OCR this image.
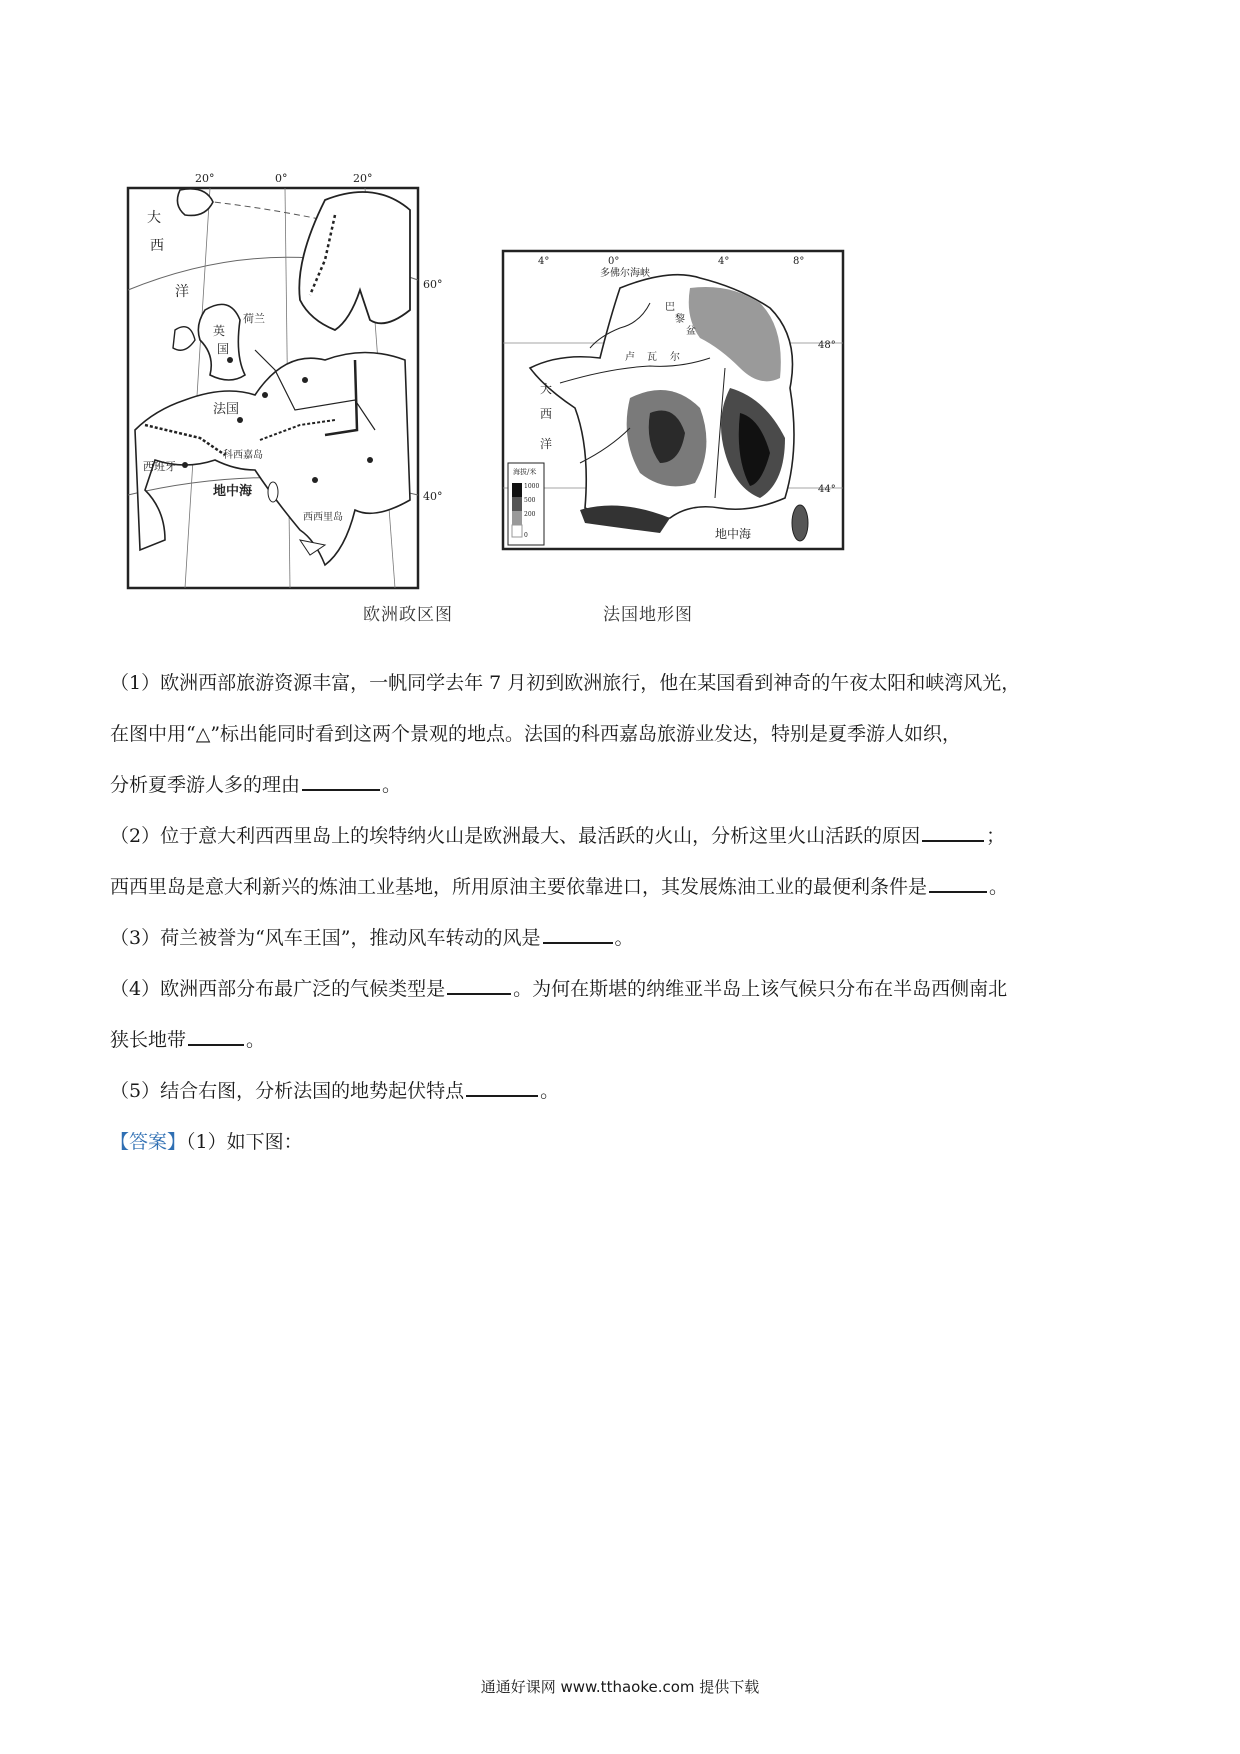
20°	0°	20°
60°
40°
大
西
洋
英
国
荷兰
法国
西班牙
科西嘉岛
地中海
西西里岛
海拔/米
1000
500
200
0
4°	0°	4°	8°
48°
44°
多佛尔海峡
巴
黎
盆
卢 瓦 尔
大
西
洋
地中海
欧洲政区图	法国地形图

（1）欧洲西部旅游资源丰富，一帆同学去年 7 月初到欧洲旅行，他在某国看到神奇的午夜太阳和峡湾风光，

在图中用“△”标出能同时看到这两个景观的地点。法国的科西嘉岛旅游业发达，特别是夏季游人如织，

分析夏季游人多的理由	。

（2）位于意大利西西里岛上的埃特纳火山是欧洲最大、最活跃的火山，分析这里火山活跃的原因	；

西西里岛是意大利新兴的炼油工业基地，所用原油主要依靠进口，其发展炼油工业的最便利条件是	。

（3）荷兰被誉为“风车王国”，推动风车转动的风是	。

（4）欧洲西部分布最广泛的气候类型是	。为何在斯堪的纳维亚半岛上该气候只分布在半岛西侧南北

狭长地带	。

（5）结合右图，分析法国的地势起伏特点	。

【答案】（1）如下图：

通通好课网 www.tthaoke.com 提供下载
